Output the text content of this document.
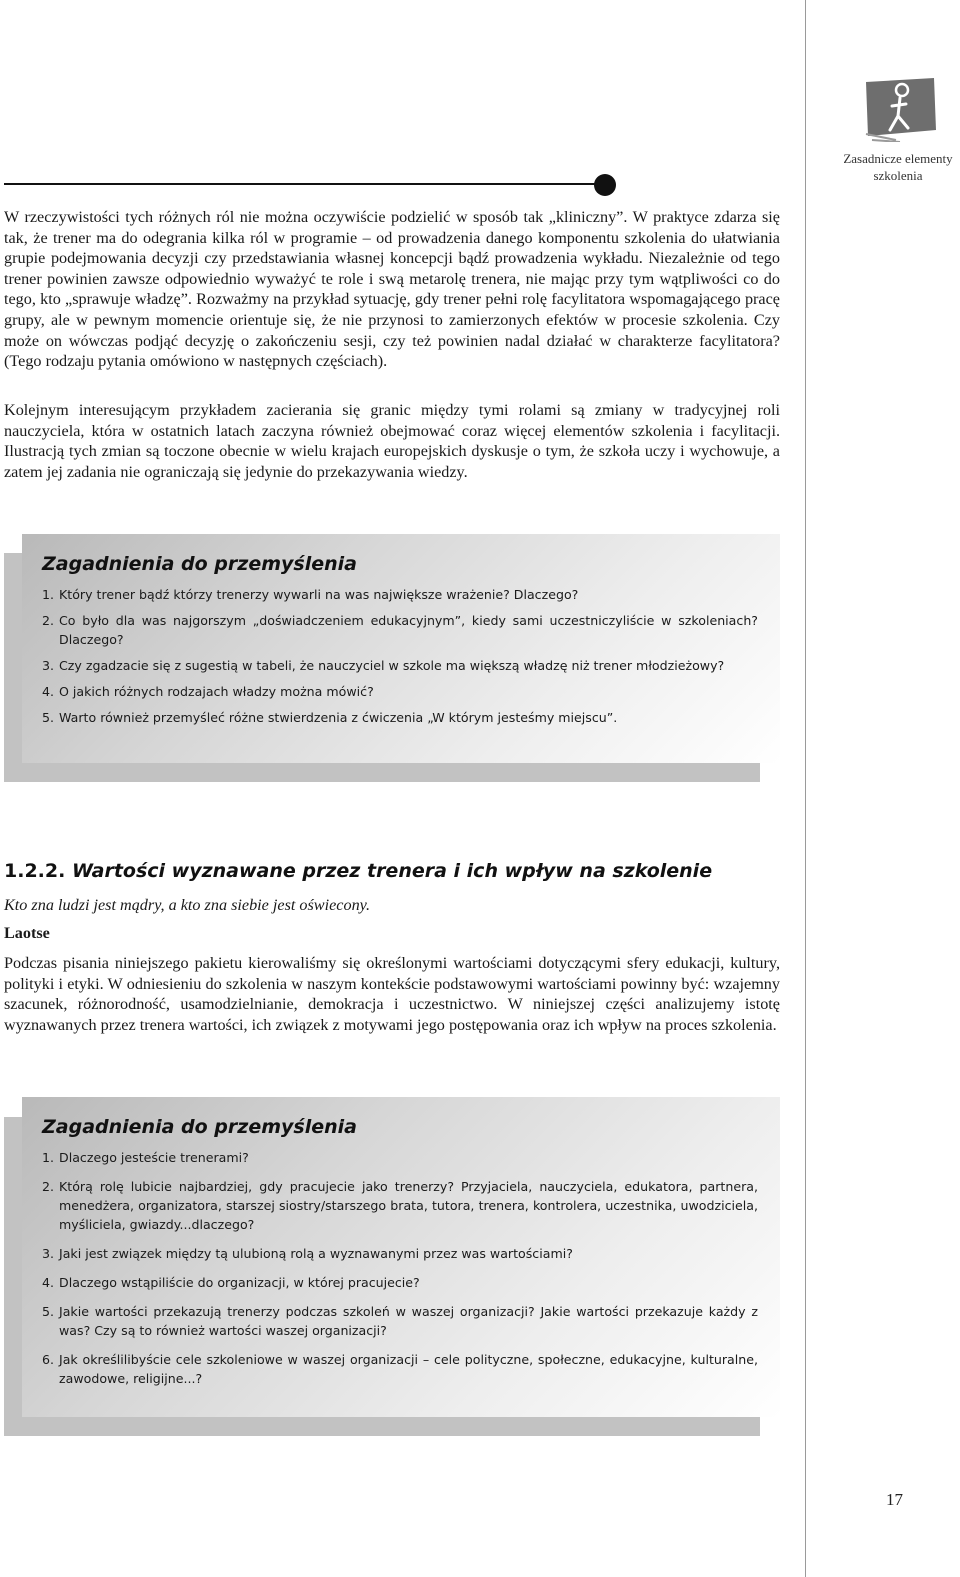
Zasadnicze elementy szkolenia

W rzeczywistości tych różnych ról nie można oczywiście podzielić w sposób tak „kliniczny”. W praktyce zdarza się tak, że trener ma do odegrania kilka ról w programie – od prowadzenia danego komponentu szkolenia do ułatwiania grupie podejmowania decyzji czy przedstawiania własnej koncepcji bądź prowadzenia wykładu. Niezależnie od tego trener powinien zawsze odpowiednio wyważyć te role i swą metarolę trenera, nie mając przy tym wątpliwości co do tego, kto „sprawuje władzę”. Rozważmy na przykład sytuację, gdy trener pełni rolę facylitatora wspomagającego pracę grupy, ale w pewnym momencie orientuje się, że nie przynosi to zamierzonych efektów w procesie szkolenia. Czy może on wówczas podjąć decyzję o zakończeniu sesji, czy też powinien nadal działać w charakterze facylitatora? (Tego rodzaju pytania omówiono w następnych częściach).

Kolejnym interesującym przykładem zacierania się granic między tymi rolami są zmiany w tradycyjnej roli nauczyciela, która w ostatnich latach zaczyna również obejmować coraz więcej elementów szkolenia i facylitacji. Ilustracją tych zmian są toczone obecnie w wielu krajach europejskich dyskusje o tym, że szkoła uczy i wychowuje, a zatem jej zadania nie ograniczają się jedynie do przekazywania wiedzy.

Zagadnienia do przemyślenia
1. Który trener bądź którzy trenerzy wywarli na was największe wrażenie? Dlaczego?
2. Co było dla was najgorszym „doświadczeniem edukacyjnym”, kiedy sami uczestniczyliście w szkoleniach? Dlaczego?
3. Czy zgadzacie się z sugestią w tabeli, że nauczyciel w szkole ma większą władzę niż trener młodzieżowy?
4. O jakich różnych rodzajach władzy można mówić?
5. Warto również przemyśleć różne stwierdzenia z ćwiczenia „W którym jesteśmy miejscu”.
1.2.2. Wartości wyznawane przez trenera i ich wpływ na szkolenie

Kto zna ludzi jest mądry, a kto zna siebie jest oświecony.

Laotse

Podczas pisania niniejszego pakietu kierowaliśmy się określonymi wartościami dotyczącymi sfery edukacji, kultury, polityki i etyki. W odniesieniu do szkolenia w naszym kontekście podstawowymi wartościami powinny być: wzajemny szacunek, różnorodność, usamodzielnianie, demokracja i uczestnictwo. W niniejszej części analizujemy istotę wyznawanych przez trenera wartości, ich związek z motywami jego postępowania oraz ich wpływ na proces szkolenia.

Zagadnienia do przemyślenia
1. Dlaczego jesteście trenerami?
2. Którą rolę lubicie najbardziej, gdy pracujecie jako trenerzy? Przyjaciela, nauczyciela, edukatora, partnera, menedżera, organizatora, starszej siostry/starszego brata, tutora, trenera, kontrolera, uczestnika, uwodziciela, myśliciela, gwiazdy...dlaczego?
3. Jaki jest związek między tą ulubioną rolą a wyznawanymi przez was wartościami?
4. Dlaczego wstąpiliście do organizacji, w której pracujecie?
5. Jakie wartości przekazują trenerzy podczas szkoleń w waszej organizacji? Jakie wartości przekazuje każdy z was? Czy są to również wartości waszej organizacji?
6. Jak określilibyście cele szkoleniowe w waszej organizacji – cele polityczne, społeczne, edukacyjne, kulturalne, zawodowe, religijne...?
17
